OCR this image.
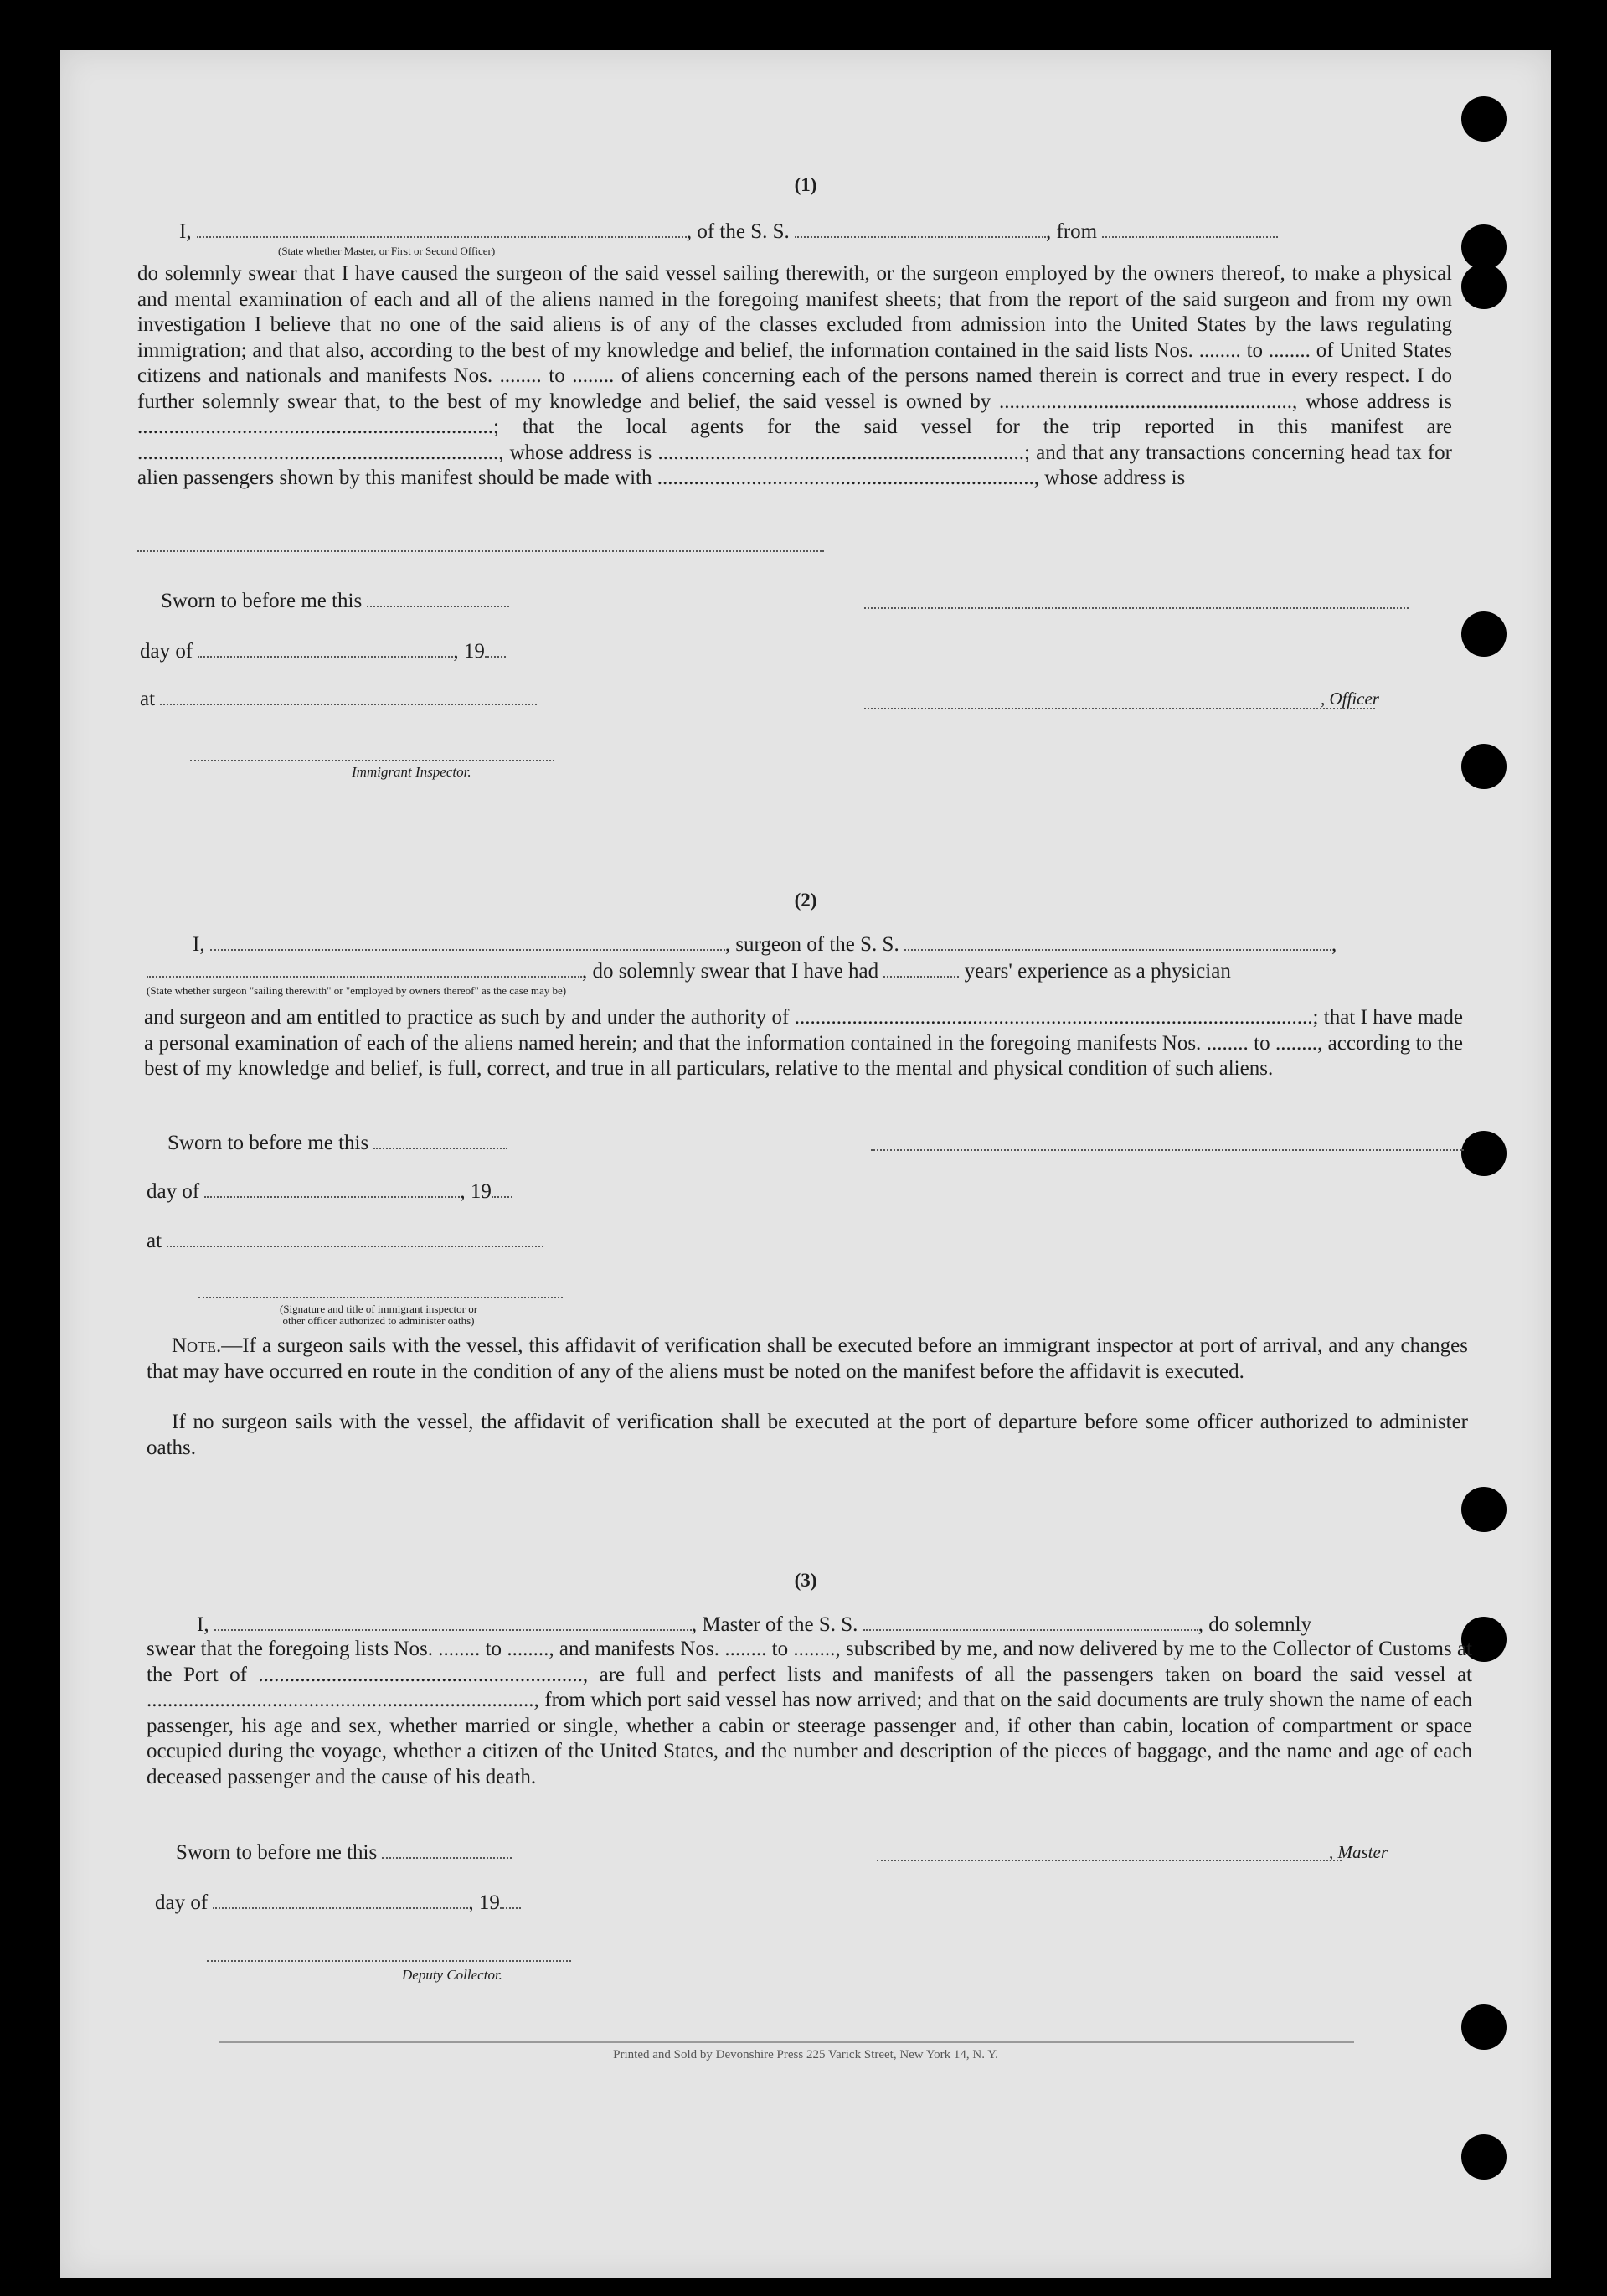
(1)
I,	, of the S. S.	, from
(State whether Master, or First or Second Officer)
do solemnly swear that I have caused the surgeon of the said vessel sailing therewith, or the surgeon employed by the owners thereof, to make a physical and mental examination of each and all of the aliens named in the foregoing manifest sheets; that from the report of the said surgeon and from my own investigation I believe that no one of the said aliens is of any of the classes excluded from admission into the United States by the laws regulating immigration; and that also, according to the best of my knowledge and belief, the information contained in the said lists Nos. ........ to ........ of United States citizens and nationals and manifests Nos. ........ to ........ of aliens concerning each of the persons named therein is correct and true in every respect. I do further solemnly swear that, to the best of my knowledge and belief, the said vessel is owned by ........................................................, whose address is ....................................................................; that the local agents for the said vessel for the trip reported in this manifest are ....................................................................., whose address is ......................................................................; and that any transactions concerning head tax for alien passengers shown by this manifest should be made with ........................................................................, whose address is
Sworn to before me this
day of	, 19
at	, Officer
Immigrant Inspector.
(2)
I,	, surgeon of the S. S.	,
, do solemnly swear that I have had	years' experience as a physician
(State whether surgeon "sailing therewith" or "employed by owners thereof" as the case may be)
and surgeon and am entitled to practice as such by and under the authority of ...................................................................................................; that I have made a personal examination of each of the aliens named herein; and that the information contained in the foregoing manifests Nos. ........ to ........, according to the best of my knowledge and belief, is full, correct, and true in all particulars, relative to the mental and physical condition of such aliens.
Sworn to before me this
day of	, 19
at
(Signature and title of immigrant inspector or
other officer authorized to administer oaths)
Note.—If a surgeon sails with the vessel, this affidavit of verification shall be executed before an immigrant inspector at port of arrival, and any changes that may have occurred en route in the condition of any of the aliens must be noted on the manifest before the affidavit is executed.
If no surgeon sails with the vessel, the affidavit of verification shall be executed at the port of departure before some officer authorized to administer oaths.
(3)
I,	, Master of the S. S.	, do solemnly
swear that the foregoing lists Nos. ........ to ........, and manifests Nos. ........ to ........, subscribed by me, and now delivered by me to the Collector of Customs at the Port of .............................................................., are full and perfect lists and manifests of all the passengers taken on board the said vessel at .........................................................................., from which port said vessel has now arrived; and that on the said documents are truly shown the name of each passenger, his age and sex, whether married or single, whether a cabin or steerage passenger and, if other than cabin, location of compartment or space occupied during the voyage, whether a citizen of the United States, and the number and description of the pieces of baggage, and the name and age of each deceased passenger and the cause of his death.
Sworn to before me this	, Master
day of	, 19
Deputy Collector.
Printed and Sold by Devonshire Press 225 Varick Street, New York 14, N. Y.
